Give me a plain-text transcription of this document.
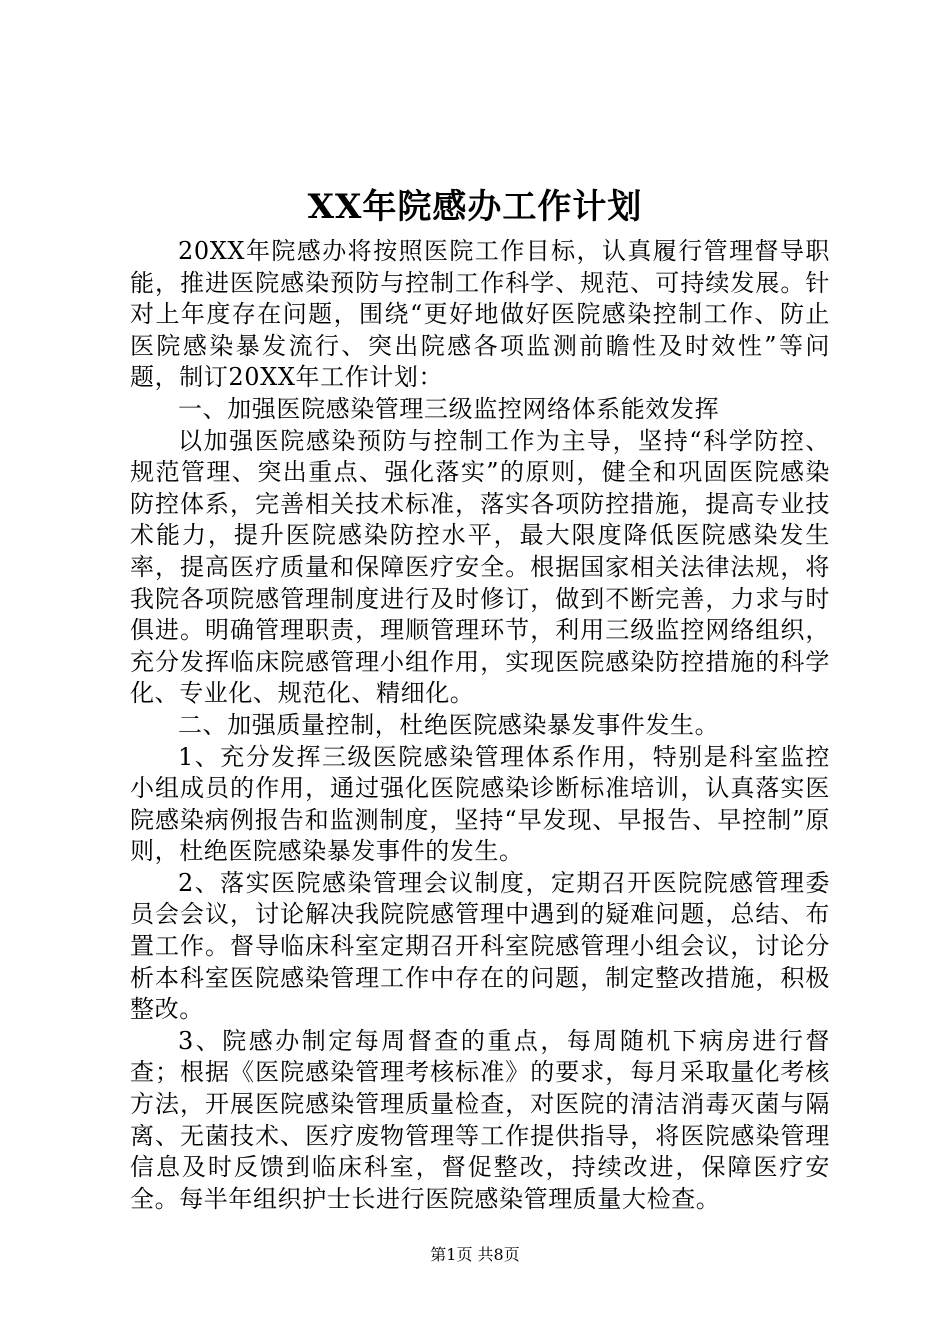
XX年院感办工作计划

20XX年院感办将按照医院工作目标，认真履行管理督导职能，推进医院感染预防与控制工作科学、规范、可持续发展。针对上年度存在问题，围绕“更好地做好医院感染控制工作、防止医院感染暴发流行、突出院感各项监测前瞻性及时效性”等问题，制订20XX年工作计划：

一、加强医院感染管理三级监控网络体系能效发挥

以加强医院感染预防与控制工作为主导，坚持“科学防控、规范管理、突出重点、强化落实”的原则，健全和巩固医院感染防控体系，完善相关技术标准，落实各项防控措施，提高专业技术能力，提升医院感染防控水平，最大限度降低医院感染发生率，提高医疗质量和保障医疗安全。根据国家相关法律法规，将我院各项院感管理制度进行及时修订，做到不断完善，力求与时俱进。明确管理职责，理顺管理环节，利用三级监控网络组织，充分发挥临床院感管理小组作用，实现医院感染防控措施的科学化、专业化、规范化、精细化。

二、加强质量控制，杜绝医院感染暴发事件发生。

1、充分发挥三级医院感染管理体系作用，特别是科室监控小组成员的作用，通过强化医院感染诊断标准培训，认真落实医院感染病例报告和监测制度，坚持“早发现、早报告、早控制”原则，杜绝医院感染暴发事件的发生。

2、落实医院感染管理会议制度，定期召开医院院感管理委员会会议，讨论解决我院院感管理中遇到的疑难问题，总结、布置工作。督导临床科室定期召开科室院感管理小组会议，讨论分析本科室医院感染管理工作中存在的问题，制定整改措施，积极整改。

3、院感办制定每周督查的重点，每周随机下病房进行督查；根据《医院感染管理考核标准》的要求，每月采取量化考核方法，开展医院感染管理质量检查，对医院的清洁消毒灭菌与隔离、无菌技术、医疗废物管理等工作提供指导，将医院感染管理信息及时反馈到临床科室，督促整改，持续改进，保障医疗安全。每半年组织护士长进行医院感染管理质量大检查。

第1页 共8页
